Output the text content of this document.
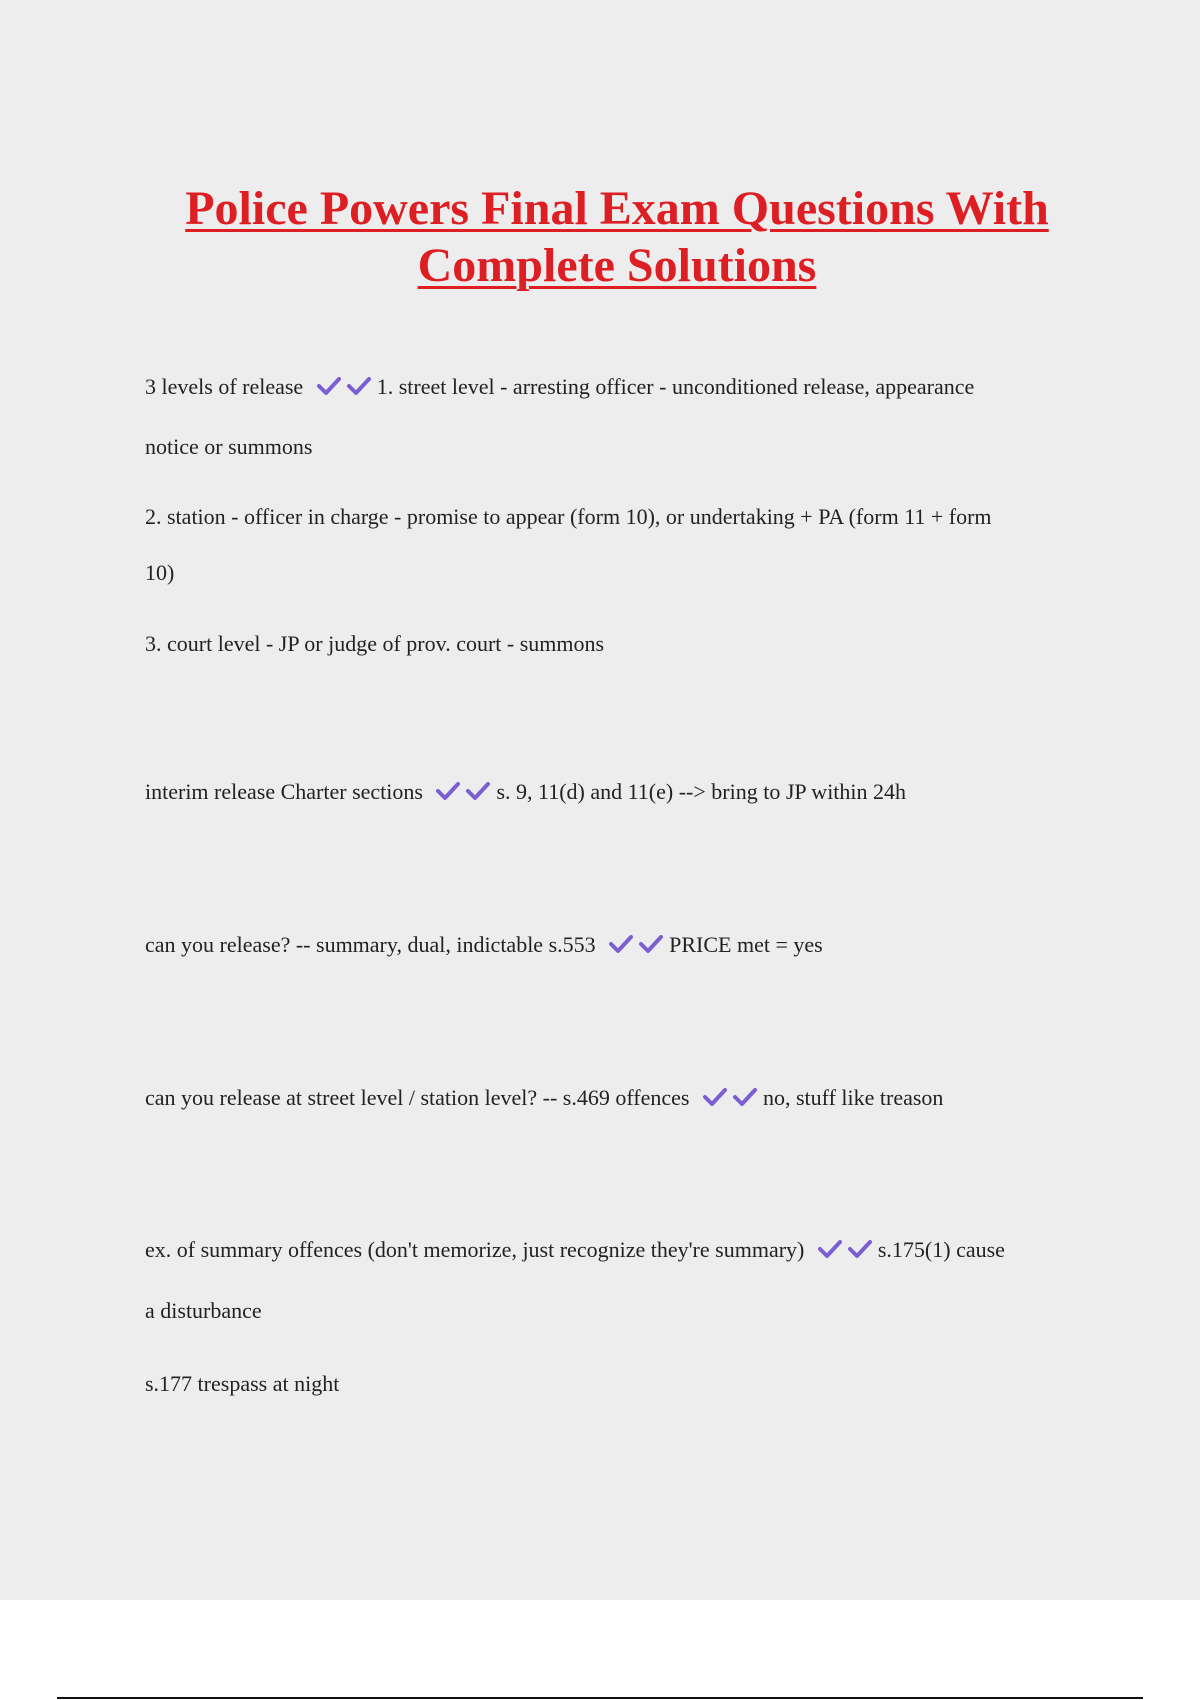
Police Powers Final Exam Questions With
Complete Solutions
3 levels of release	1. street level - arresting officer - unconditioned release, appearance
notice or summons
2. station - officer in charge - promise to appear (form 10), or undertaking + PA (form 11 + form
10)
3. court level - JP or judge of prov. court - summons
interim release Charter sections	s. 9, 11(d) and 11(e) --> bring to JP within 24h
can you release? -- summary, dual, indictable s.553	PRICE met = yes
can you release at street level / station level? -- s.469 offences	no, stuff like treason
ex. of summary offences (don't memorize, just recognize they're summary)	s.175(1) cause
a disturbance
s.177 trespass at night
